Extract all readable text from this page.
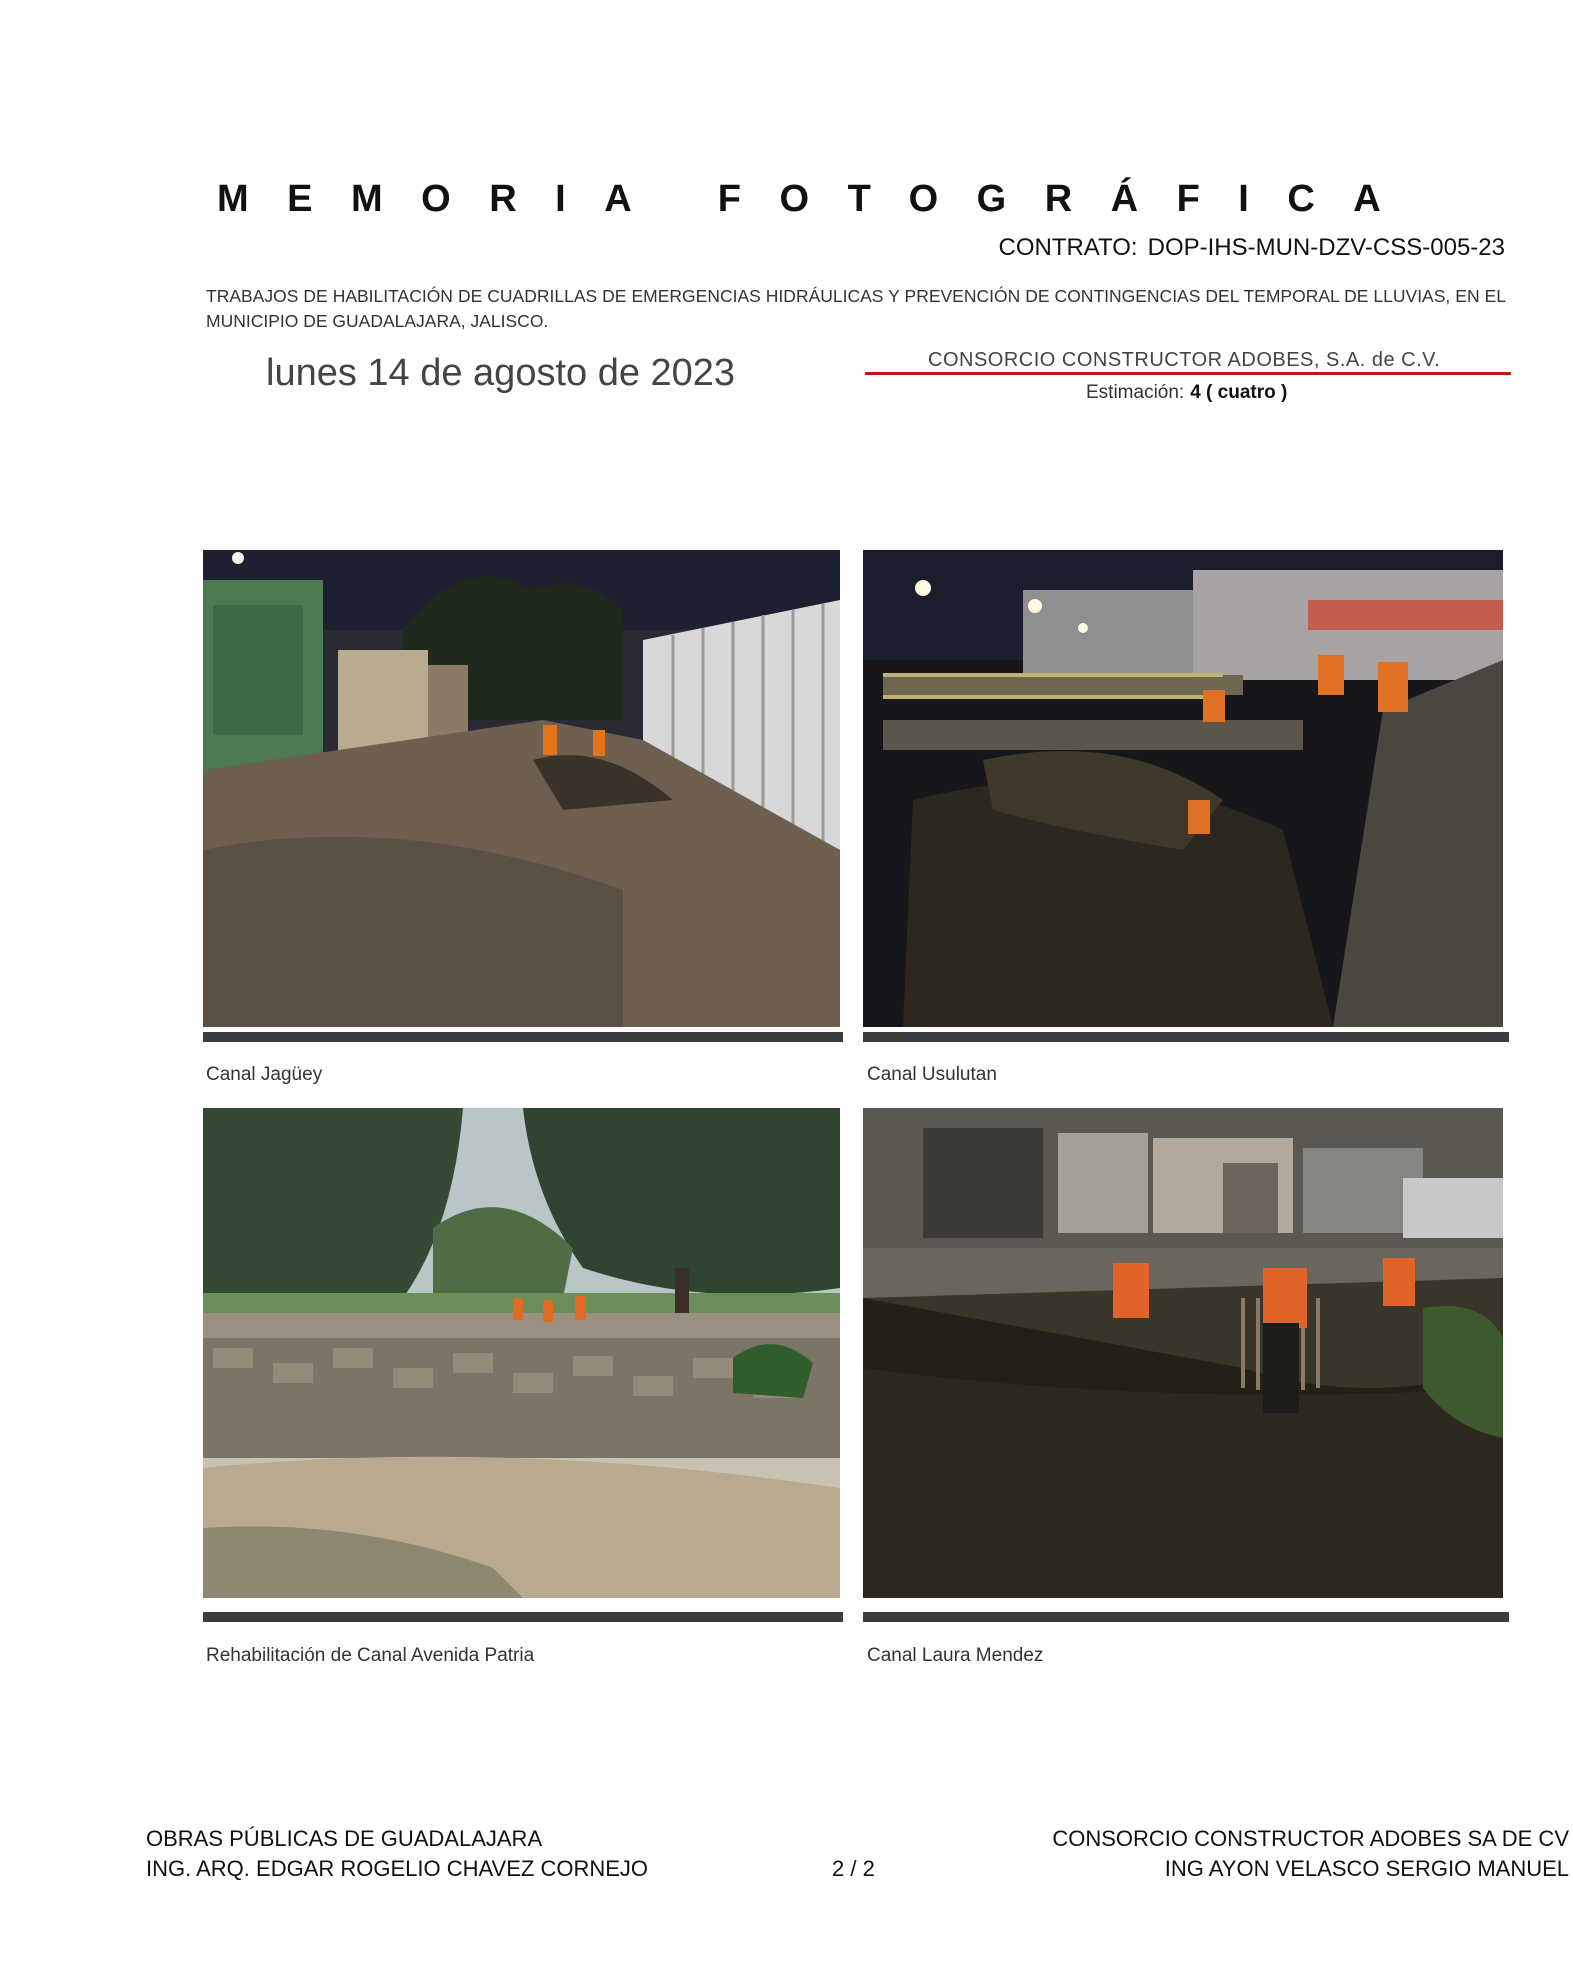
MEMORIA FOTOGRÁFICA
CONTRATO: DOP-IHS-MUN-DZV-CSS-005-23
TRABAJOS DE HABILITACIÓN DE CUADRILLAS DE EMERGENCIAS HIDRÁULICAS Y PREVENCIÓN DE CONTINGENCIAS DEL TEMPORAL DE LLUVIAS, EN EL MUNICIPIO DE GUADALAJARA, JALISCO.
lunes 14 de agosto de 2023	CONSORCIO CONSTRUCTOR ADOBES, S.A. de C.V.
Estimación: 4 ( cuatro )
Canal Jagüey	Canal Usulutan
Rehabilitación de Canal Avenida Patria	Canal Laura Mendez
OBRAS PÚBLICAS DE GUADALAJARA
ING. ARQ. EDGAR ROGELIO CHAVEZ CORNEJO	2 / 2
CONSORCIO CONSTRUCTOR ADOBES SA DE CV
ING AYON VELASCO SERGIO MANUEL
